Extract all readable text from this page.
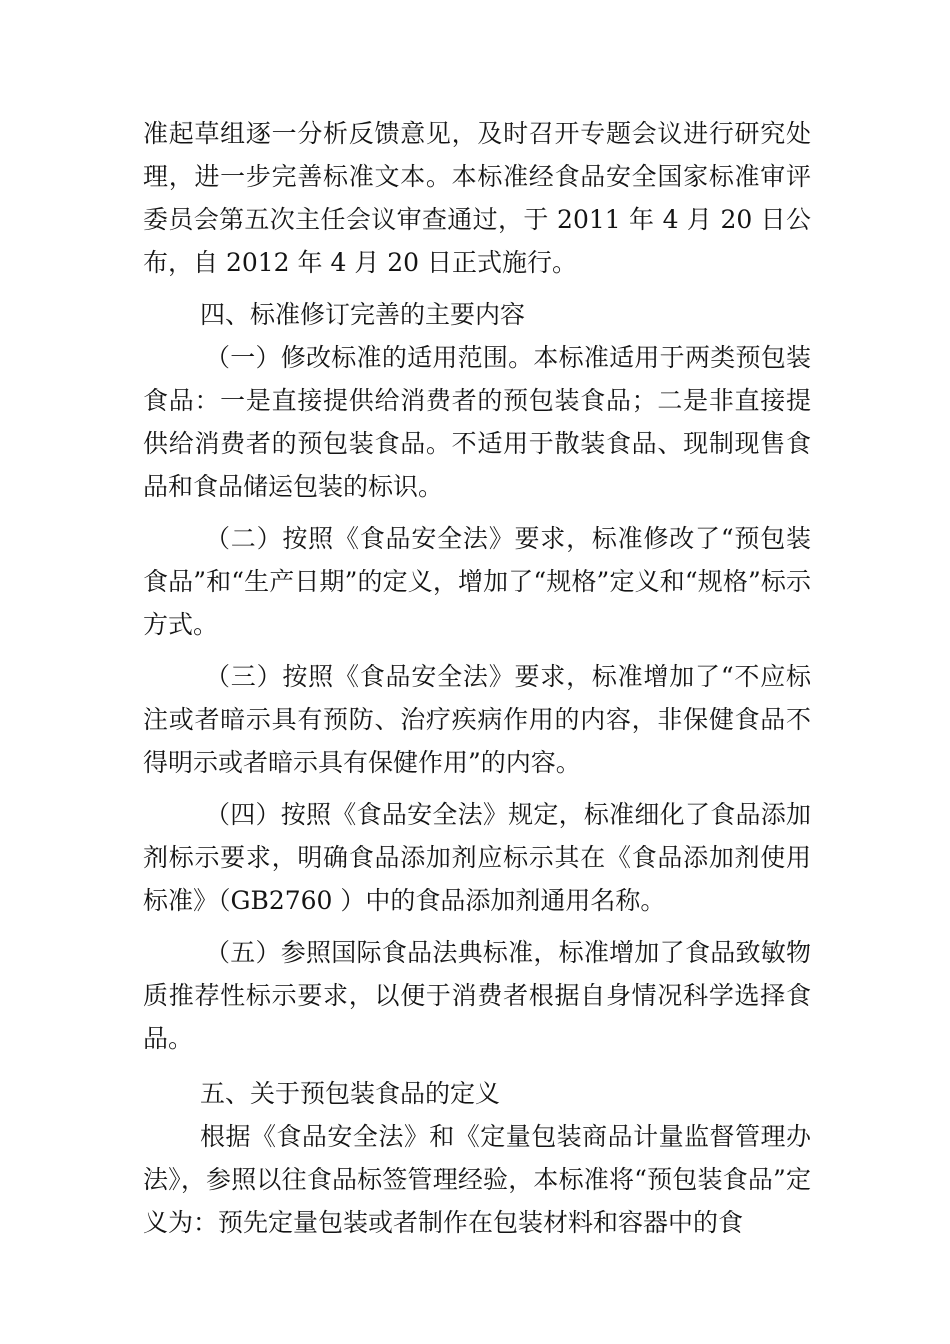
准起草组逐一分析反馈意见，及时召开专题会议进行研究处理，进一步完善标准文本。本标准经食品安全国家标准审评委员会第五次主任会议审查通过，于 2011 年 4 月 20 日公布，自 2012 年 4 月 20 日正式施行。

四、标准修订完善的主要内容

（一）修改标准的适用范围。本标准适用于两类预包装食品：一是直接提供给消费者的预包装食品；二是非直接提供给消费者的预包装食品。不适用于散装食品、现制现售食品和食品储运包装的标识。

（二）按照《食品安全法》要求，标准修改了“预包装食品”和“生产日期”的定义，增加了“规格”定义和“规格”标示方式。

（三）按照《食品安全法》要求，标准增加了“不应标注或者暗示具有预防、治疗疾病作用的内容，非保健食品不得明示或者暗示具有保健作用”的内容。

（四）按照《食品安全法》规定，标准细化了食品添加剂标示要求，明确食品添加剂应标示其在《食品添加剂使用标准》（GB2760 ）中的食品添加剂通用名称。

（五）参照国际食品法典标准，标准增加了食品致敏物质推荐性标示要求，以便于消费者根据自身情况科学选择食品。

五、关于预包装食品的定义

根据《食品安全法》和《定量包装商品计量监督管理办法》，参照以往食品标签管理经验，本标准将“预包装食品”定义为：预先定量包装或者制作在包装材料和容器中的食
